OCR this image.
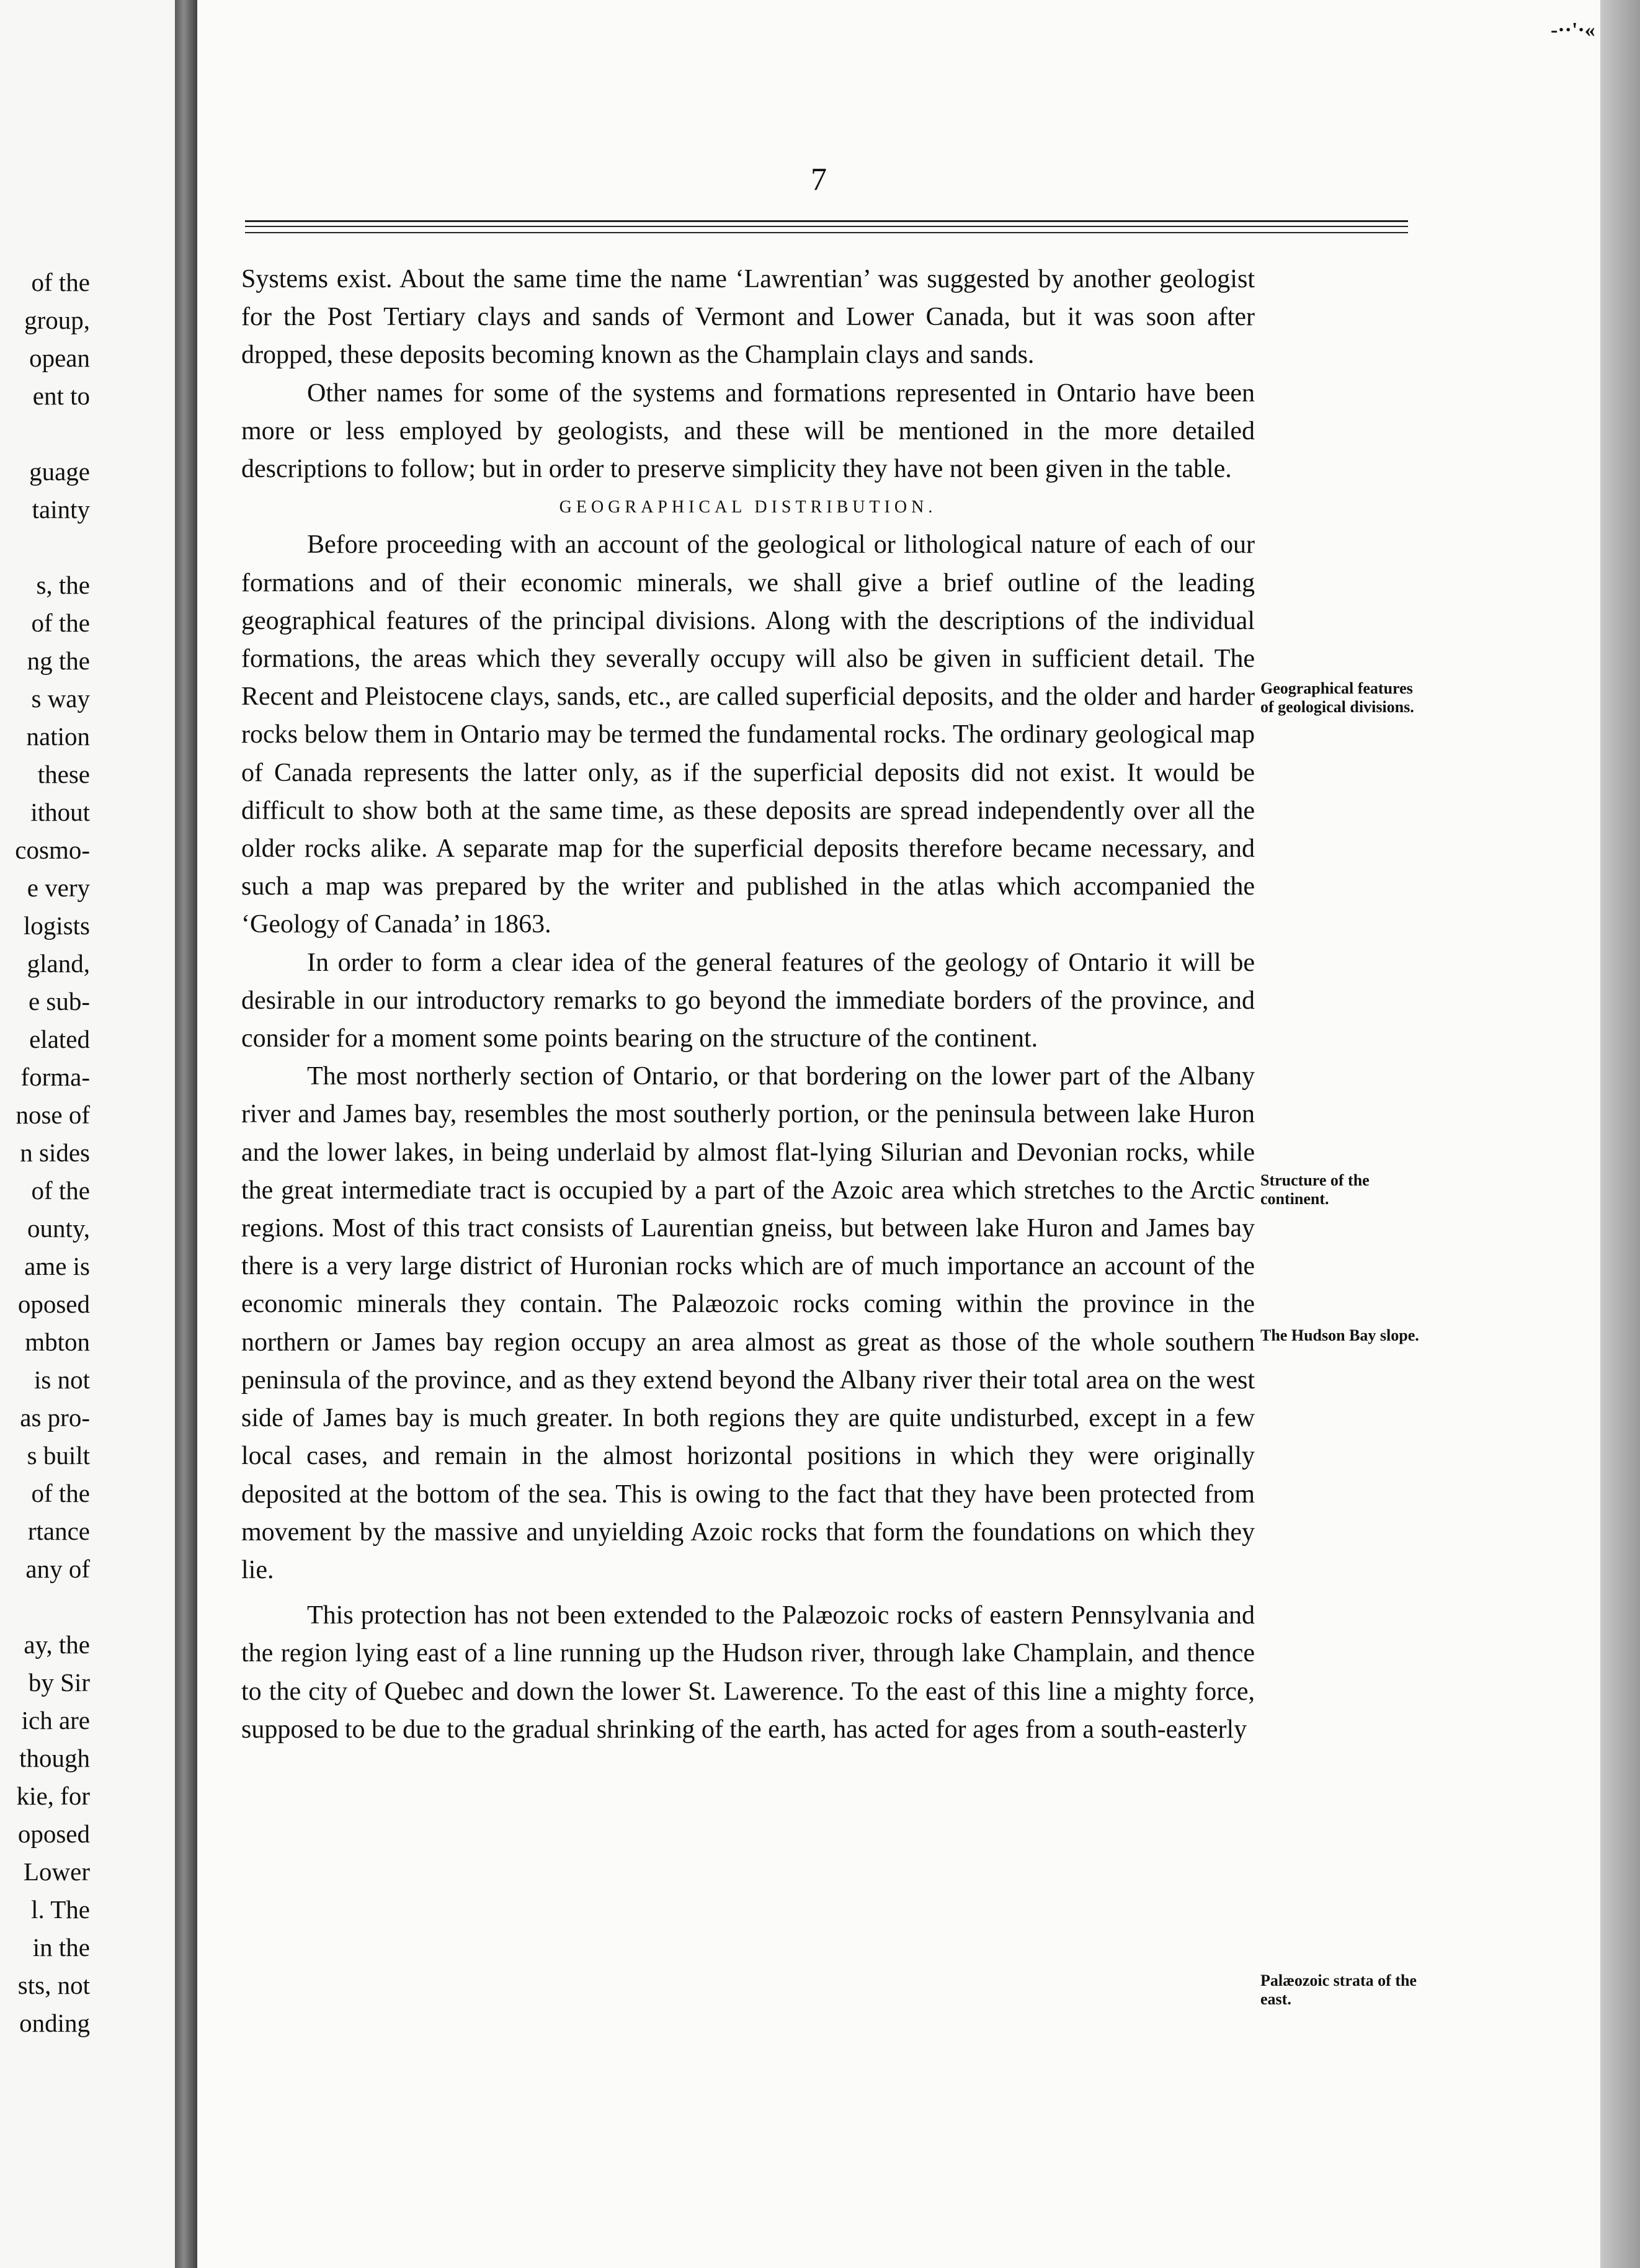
of the
group,
opean
ent to
guage
tainty
s, the
of the
ng the
s way
nation
these
ithout
cosmo-
e very
logists
gland,
e sub-
elated
forma-
nose of
n sides
of the
ounty,
ame is
oposed
mbton
is not
as pro-
s built
of the
rtance
any of
ay, the
by Sir
ich are
though
kie, for
oposed
Lower
l. The
in the
sts, not
onding
-··'·«
7

Systems exist. About the same time the name ‘Lawrentian’ was suggested by another geologist for the Post Tertiary clays and sands of Vermont and Lower Canada, but it was soon after dropped, these deposits becoming known as the Champlain clays and sands.

Other names for some of the systems and formations represented in Ontario have been more or less employed by geologists, and these will be mentioned in the more detailed descriptions to follow; but in order to preserve simplicity they have not been given in the table.

GEOGRAPHICAL DISTRIBUTION.

Before proceeding with an account of the geological or lithological nature of each of our formations and of their economic minerals, we shall give a brief outline of the leading geographical features of the principal divisions. Along with the descriptions of the individual formations, the areas which they severally occupy will also be given in sufficient detail. The Recent and Pleistocene clays, sands, etc., are called superficial deposits, and the older and harder rocks below them in Ontario may be termed the fundamental rocks. The ordinary geological map of Canada represents the latter only, as if the superficial deposits did not exist. It would be difficult to show both at the same time, as these deposits are spread independently over all the older rocks alike. A separate map for the superficial deposits therefore became necessary, and such a map was prepared by the writer and published in the atlas which accompanied the ‘Geology of Canada’ in 1863.

In order to form a clear idea of the general features of the geology of Ontario it will be desirable in our introductory remarks to go beyond the immediate borders of the province, and consider for a moment some points bearing on the structure of the continent.

The most northerly section of Ontario, or that bordering on the lower part of the Albany river and James bay, resembles the most southerly portion, or the peninsula between lake Huron and the lower lakes, in being underlaid by almost flat-lying Silurian and Devonian rocks, while the great intermediate tract is occupied by a part of the Azoic area which stretches to the Arctic regions. Most of this tract consists of Laurentian gneiss, but between lake Huron and James bay there is a very large district of Huronian rocks which are of much importance an account of the economic minerals they contain. The Palæozoic rocks coming within the province in the northern or James bay region occupy an area almost as great as those of the whole southern peninsula of the province, and as they extend beyond the Albany river their total area on the west side of James bay is much greater. In both regions they are quite undisturbed, except in a few local cases, and remain in the almost horizontal positions in which they were originally deposited at the bottom of the sea. This is owing to the fact that they have been protected from movement by the massive and unyielding Azoic rocks that form the foundations on which they lie.

This protection has not been extended to the Palæozoic rocks of eastern Pennsylvania and the region lying east of a line running up the Hudson river, through lake Champlain, and thence to the city of Quebec and down the lower St. Lawerence. To the east of this line a mighty force, supposed to be due to the gradual shrinking of the earth, has acted for ages from a south-easterly

Geographical features of geological divisions.
Structure of the continent.
The Hudson Bay slope.
Palæozoic strata of the east.
